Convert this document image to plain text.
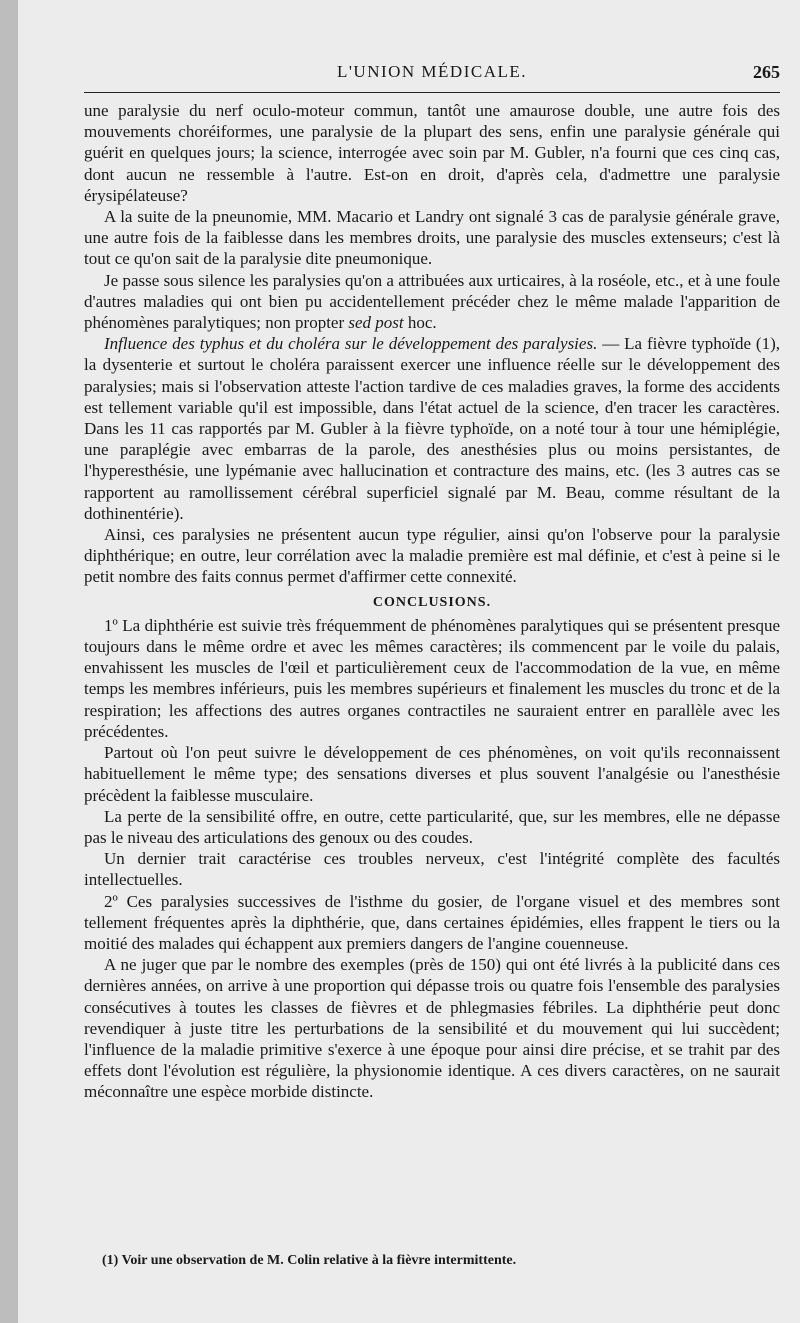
L'UNION MÉDICALE.	265

une paralysie du nerf oculo-moteur commun, tantôt une amaurose double, une autre fois des mouvements choréiformes, une paralysie de la plupart des sens, enfin une paralysie générale qui guérit en quelques jours; la science, interrogée avec soin par M. Gubler, n'a fourni que ces cinq cas, dont aucun ne ressemble à l'autre. Est-on en droit, d'après cela, d'admettre une paralysie érysipélateuse?

A la suite de la pneunomie, MM. Macario et Landry ont signalé 3 cas de paralysie générale grave, une autre fois de la faiblesse dans les membres droits, une paralysie des muscles extenseurs; c'est là tout ce qu'on sait de la paralysie dite pneumonique.

Je passe sous silence les paralysies qu'on a attribuées aux urticaires, à la roséole, etc., et à une foule d'autres maladies qui ont bien pu accidentellement précéder chez le même malade l'apparition de phénomènes paralytiques; non propter sed post hoc.

Influence des typhus et du choléra sur le développement des paralysies. — La fièvre typhoïde (1), la dysenterie et surtout le choléra paraissent exercer une influence réelle sur le développement des paralysies; mais si l'observation atteste l'action tardive de ces maladies graves, la forme des accidents est tellement variable qu'il est impossible, dans l'état actuel de la science, d'en tracer les caractères. Dans les 11 cas rapportés par M. Gubler à la fièvre typhoïde, on a noté tour à tour une hémiplégie, une paraplégie avec embarras de la parole, des anesthésies plus ou moins persistantes, de l'hyperesthésie, une lypémanie avec hallucination et contracture des mains, etc. (les 3 autres cas se rapportent au ramollissement cérébral superficiel signalé par M. Beau, comme résultant de la dothinentérie).

Ainsi, ces paralysies ne présentent aucun type régulier, ainsi qu'on l'observe pour la paralysie diphthérique; en outre, leur corrélation avec la maladie première est mal définie, et c'est à peine si le petit nombre des faits connus permet d'affirmer cette connexité.

CONCLUSIONS.

1º La diphthérie est suivie très fréquemment de phénomènes paralytiques qui se présentent presque toujours dans le même ordre et avec les mêmes caractères; ils commencent par le voile du palais, envahissent les muscles de l'œil et particulièrement ceux de l'accommodation de la vue, en même temps les membres inférieurs, puis les membres supérieurs et finalement les muscles du tronc et de la respiration; les affections des autres organes contractiles ne sauraient entrer en parallèle avec les précédentes.

Partout où l'on peut suivre le développement de ces phénomènes, on voit qu'ils reconnaissent habituellement le même type; des sensations diverses et plus souvent l'analgésie ou l'anesthésie précèdent la faiblesse musculaire.

La perte de la sensibilité offre, en outre, cette particularité, que, sur les membres, elle ne dépasse pas le niveau des articulations des genoux ou des coudes.

Un dernier trait caractérise ces troubles nerveux, c'est l'intégrité complète des facultés intellectuelles.

2º Ces paralysies successives de l'isthme du gosier, de l'organe visuel et des membres sont tellement fréquentes après la diphthérie, que, dans certaines épidémies, elles frappent le tiers ou la moitié des malades qui échappent aux premiers dangers de l'angine couenneuse.

A ne juger que par le nombre des exemples (près de 150) qui ont été livrés à la publicité dans ces dernières années, on arrive à une proportion qui dépasse trois ou quatre fois l'ensemble des paralysies consécutives à toutes les classes de fièvres et de phlegmasies fébriles. La diphthérie peut donc revendiquer à juste titre les perturbations de la sensibilité et du mouvement qui lui succèdent; l'influence de la maladie primitive s'exerce à une époque pour ainsi dire précise, et se trahit par des effets dont l'évolution est régulière, la physionomie identique. A ces divers caractères, on ne saurait méconnaître une espèce morbide distincte.

(1) Voir une observation de M. Colin relative à la fièvre intermittente.
